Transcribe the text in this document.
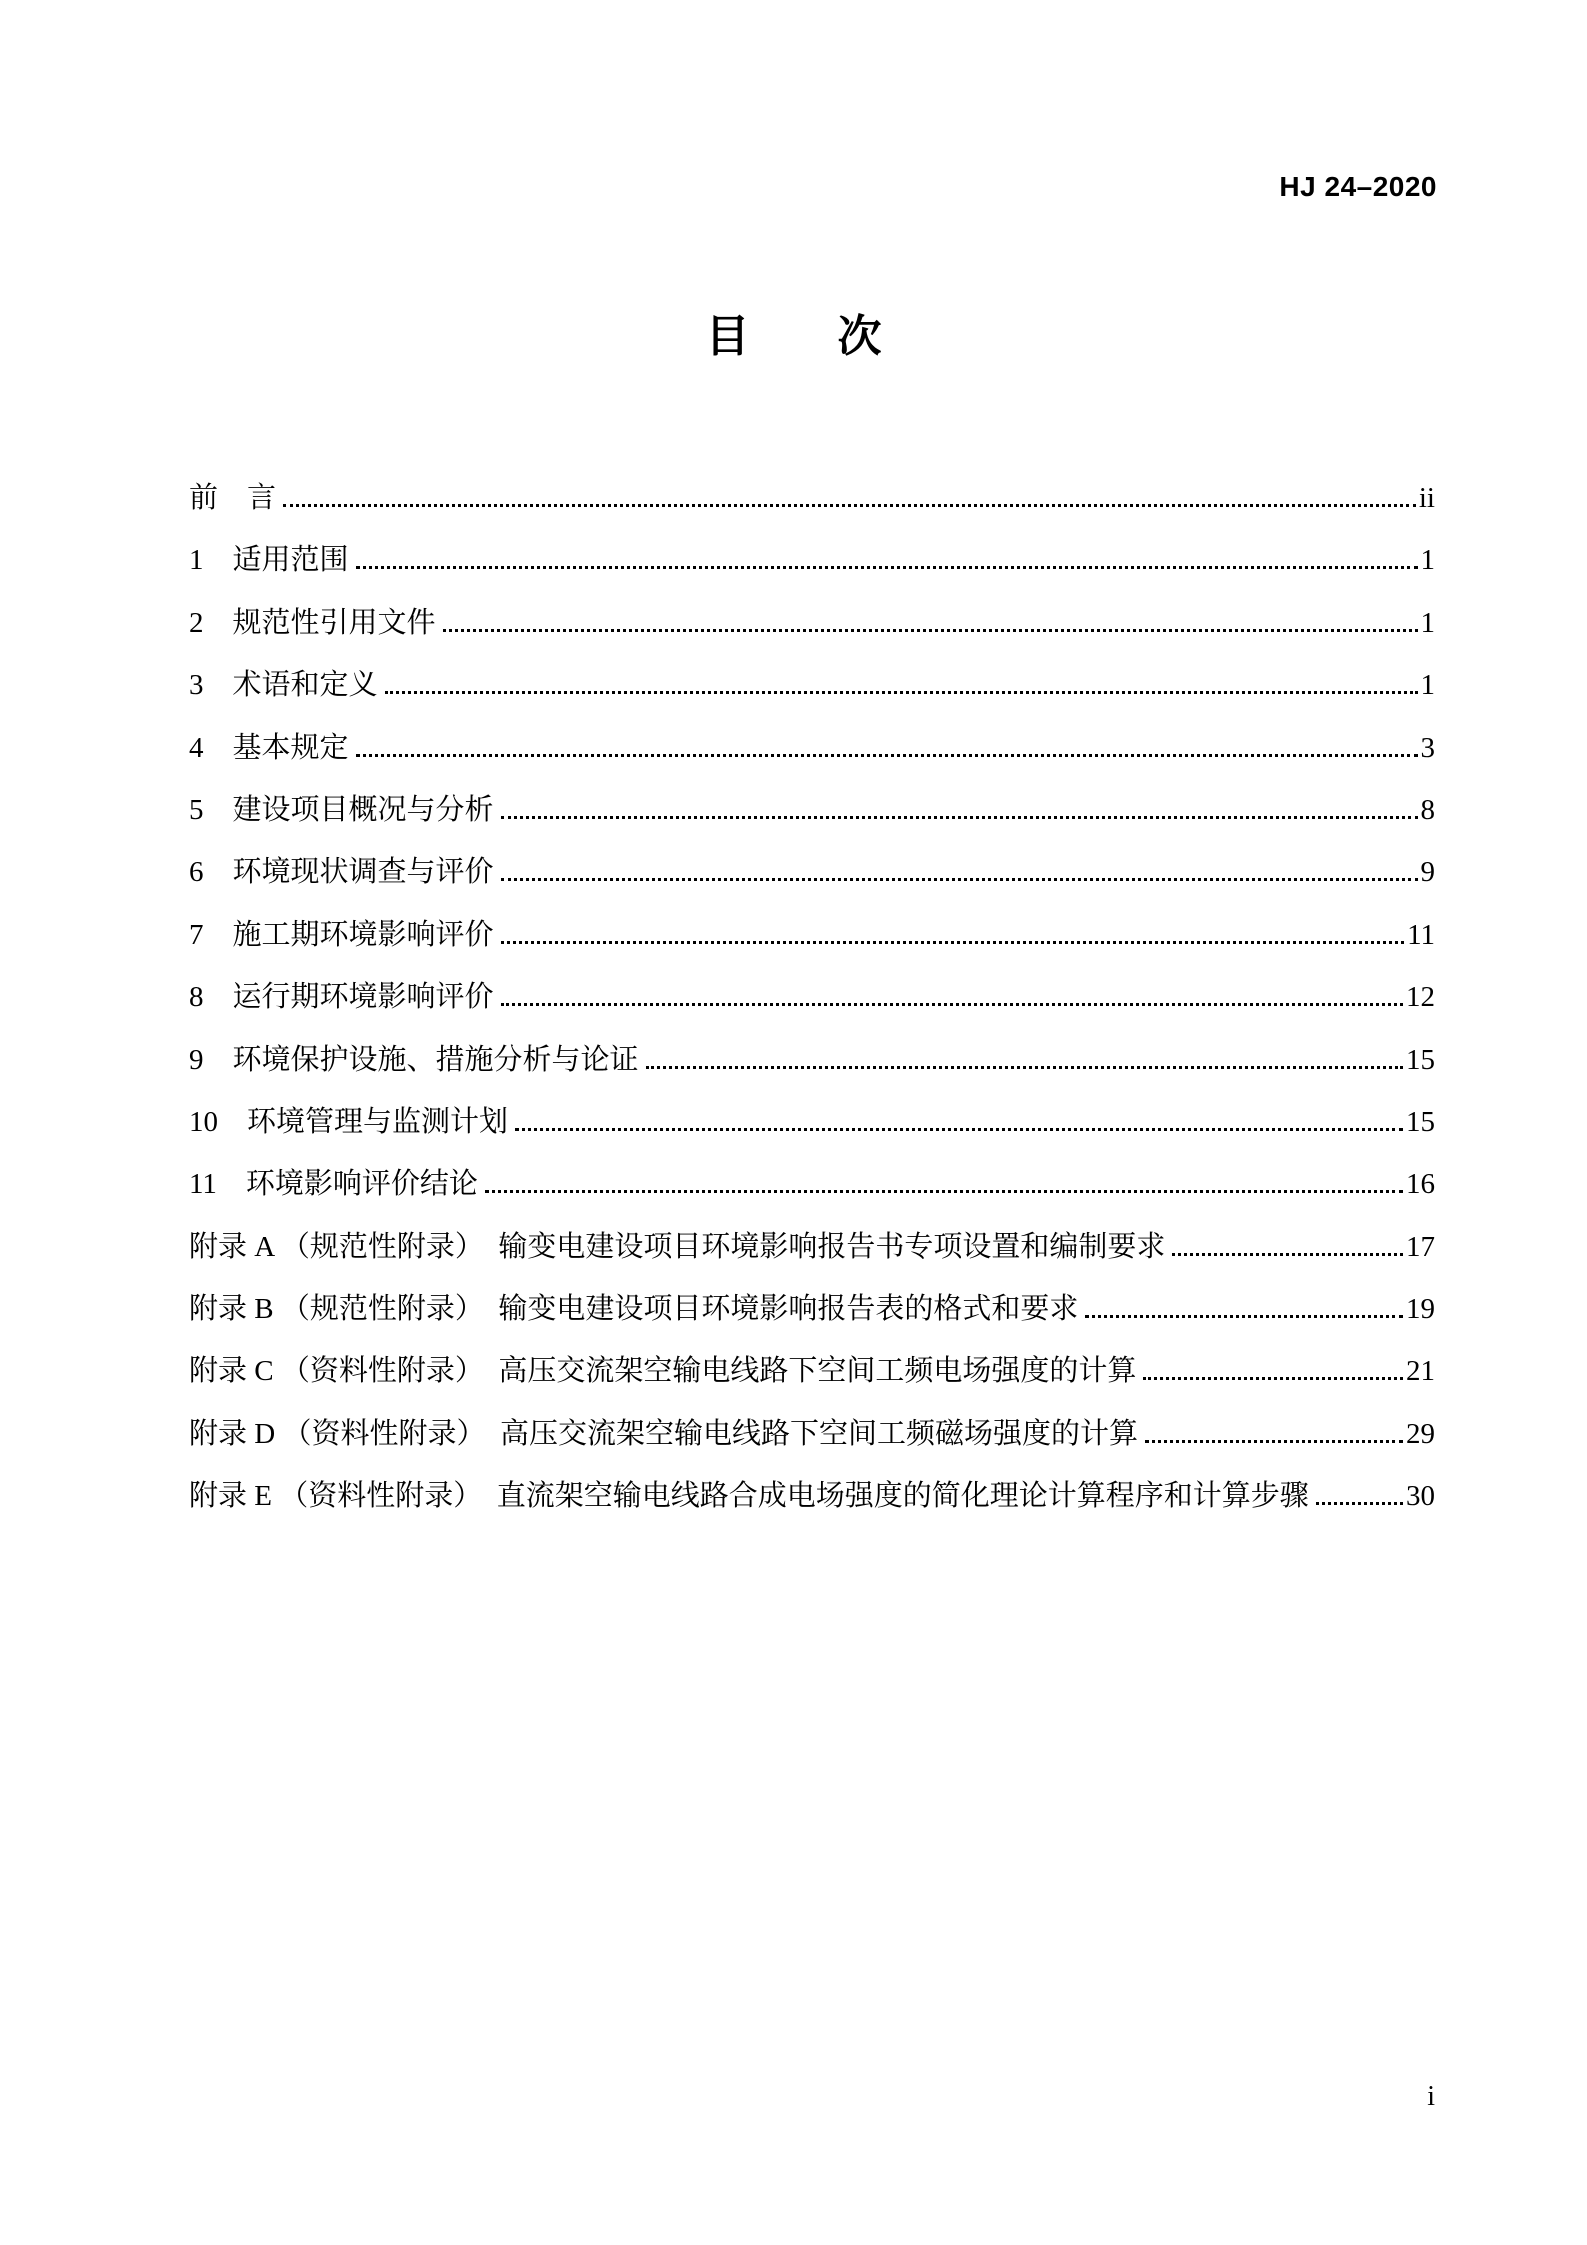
HJ 24–2020
目　　次
前　言	ii
1　适用范围	1
2　规范性引用文件	1
3　术语和定义	1
4　基本规定	3
5　建设项目概况与分析	8
6　环境现状调查与评价	9
7　施工期环境影响评价	11
8　运行期环境影响评价	12
9　环境保护设施、措施分析与论证	15
10　环境管理与监测计划	15
11　环境影响评价结论	16
附录 A （规范性附录）　输变电建设项目环境影响报告书专项设置和编制要求	17
附录 B （规范性附录）　输变电建设项目环境影响报告表的格式和要求	19
附录 C （资料性附录）　高压交流架空输电线路下空间工频电场强度的计算	21
附录 D （资料性附录）　高压交流架空输电线路下空间工频磁场强度的计算	29
附录 E （资料性附录）　直流架空输电线路合成电场强度的简化理论计算程序和计算步骤	30
i
